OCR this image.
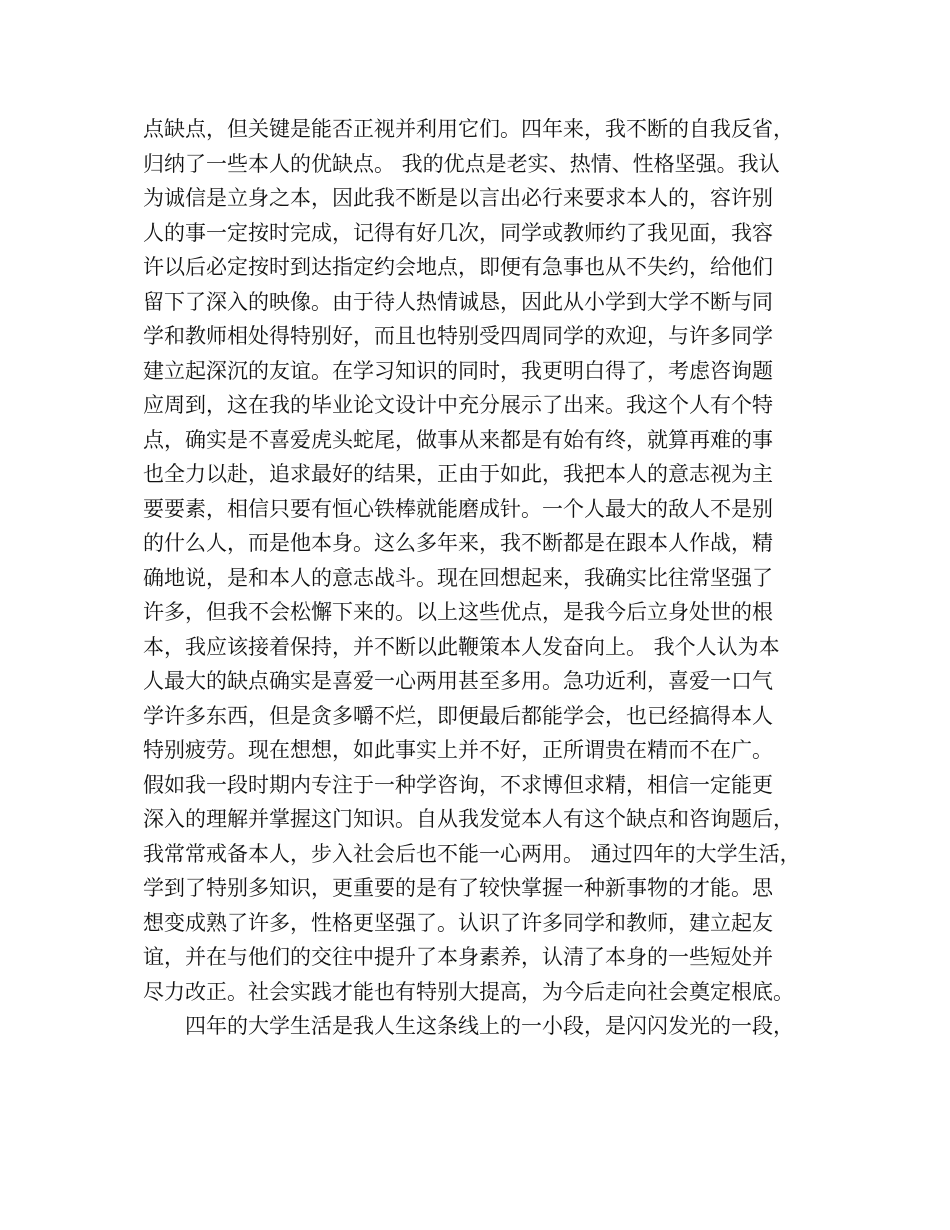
点缺点，但关键是能否正视并利用它们。四年来，我不断的自我反省，
归纳了一些本人的优缺点。 我的优点是老实、热情、性格坚强。我认
为诚信是立身之本，因此我不断是以言出必行来要求本人的，容许别
人的事一定按时完成，记得有好几次，同学或教师约了我见面，我容
许以后必定按时到达指定约会地点，即便有急事也从不失约，给他们
留下了深入的映像。由于待人热情诚恳，因此从小学到大学不断与同
学和教师相处得特别好，而且也特别受四周同学的欢迎，与许多同学
建立起深沉的友谊。在学习知识的同时，我更明白得了，考虑咨询题
应周到，这在我的毕业论文设计中充分展示了出来。我这个人有个特
点，确实是不喜爱虎头蛇尾，做事从来都是有始有终，就算再难的事
也全力以赴，追求最好的结果，正由于如此，我把本人的意志视为主
要要素，相信只要有恒心铁棒就能磨成针。一个人最大的敌人不是别
的什么人，而是他本身。这么多年来，我不断都是在跟本人作战，精
确地说，是和本人的意志战斗。现在回想起来，我确实比往常坚强了
许多，但我不会松懈下来的。以上这些优点，是我今后立身处世的根
本，我应该接着保持，并不断以此鞭策本人发奋向上。 我个人认为本
人最大的缺点确实是喜爱一心两用甚至多用。急功近利，喜爱一口气
学许多东西，但是贪多嚼不烂，即便最后都能学会，也已经搞得本人
特别疲劳。现在想想，如此事实上并不好，正所谓贵在精而不在广。
假如我一段时期内专注于一种学咨询，不求博但求精，相信一定能更
深入的理解并掌握这门知识。自从我发觉本人有这个缺点和咨询题后，
我常常戒备本人，步入社会后也不能一心两用。 通过四年的大学生活，
学到了特别多知识，更重要的是有了较快掌握一种新事物的才能。思
想变成熟了许多，性格更坚强了。认识了许多同学和教师，建立起友
谊，并在与他们的交往中提升了本身素养，认清了本身的一些短处并
尽力改正。社会实践才能也有特别大提高，为今后走向社会奠定根底。
四年的大学生活是我人生这条线上的一小段，是闪闪发光的一段，
